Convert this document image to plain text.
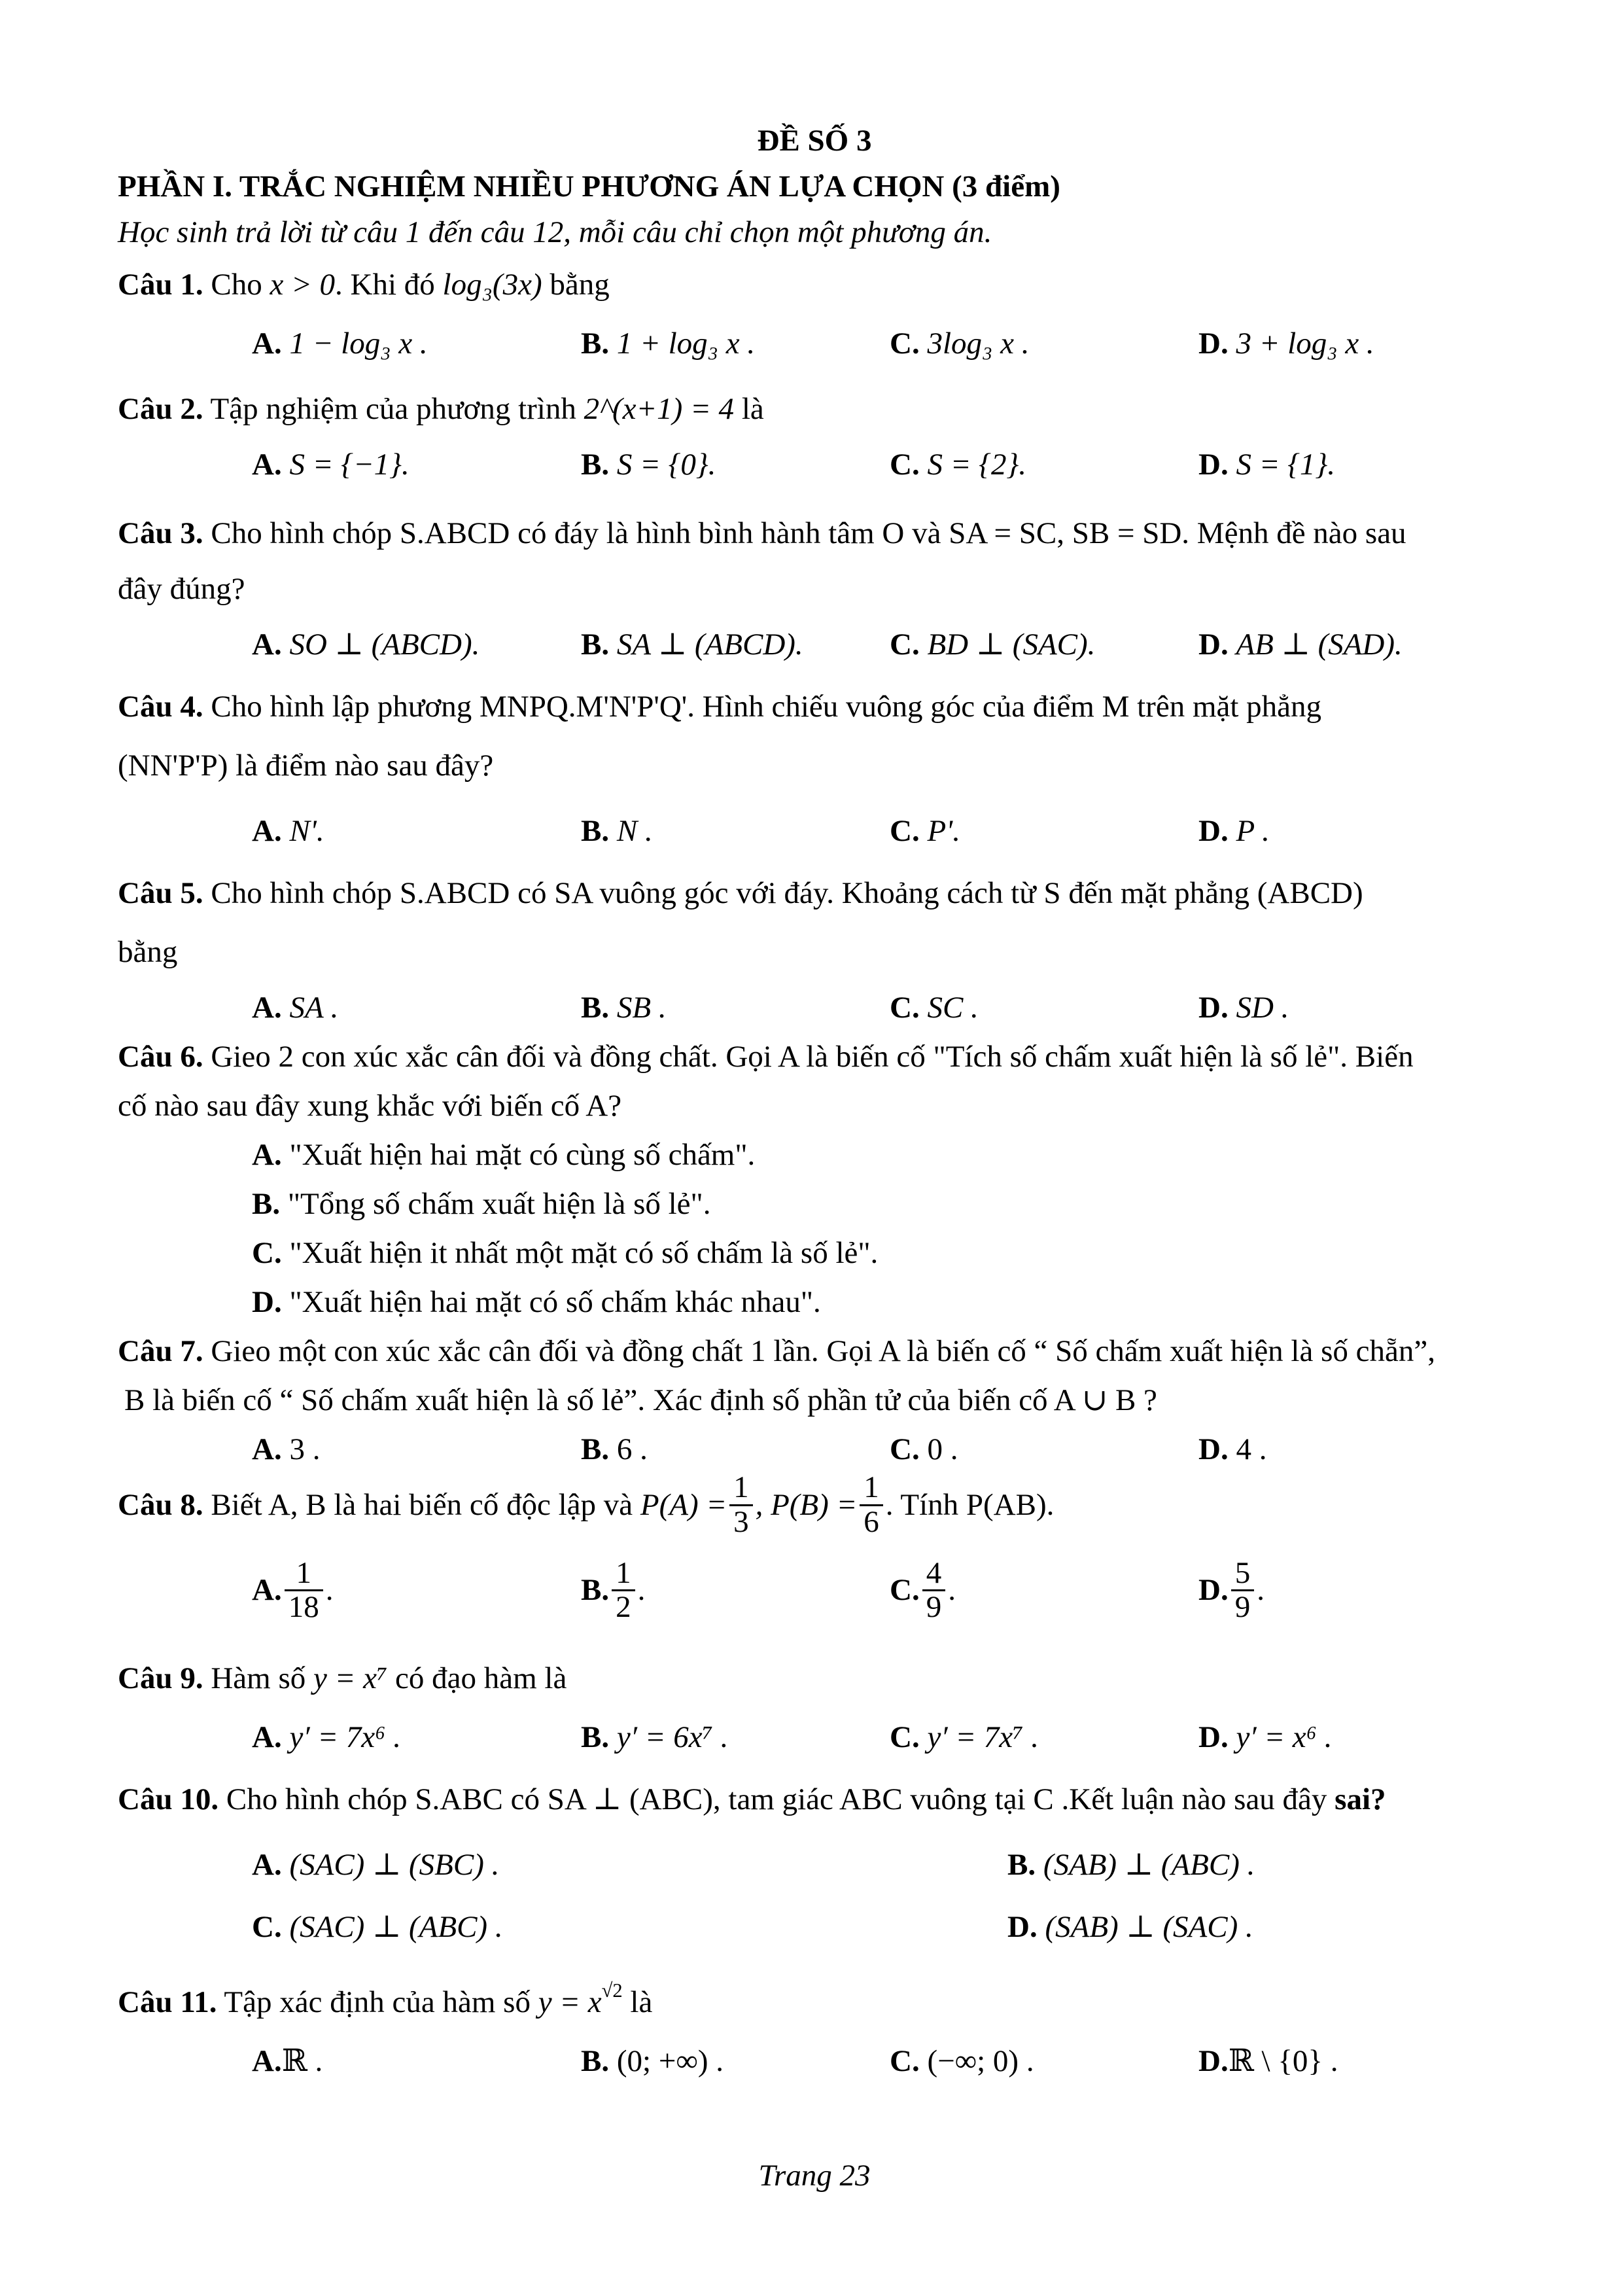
ĐỀ SỐ 3
PHẦN I. TRẮC NGHIỆM NHIỀU PHƯƠNG ÁN LỰA CHỌN (3 điểm)
Học sinh trả lời từ câu 1 đến câu 12, mỗi câu chỉ chọn một phương án.
Câu 1. Cho x > 0. Khi đó log₃(3x) bằng
A. 1 − log₃ x .	B. 1 + log₃ x .	C. 3log₃ x .	D. 3 + log₃ x .
Câu 2. Tập nghiệm của phương trình 2^(x+1) = 4 là
A. S = {−1}.	B. S = {0}.	C. S = {2}.	D. S = {1}.
Câu 3. Cho hình chóp S.ABCD có đáy là hình bình hành tâm O và SA = SC, SB = SD. Mệnh đề nào sau
đây đúng?
A. SO ⊥ (ABCD).	B. SA ⊥ (ABCD).	C. BD ⊥ (SAC).	D. AB ⊥ (SAD).
Câu 4. Cho hình lập phương MNPQ.M'N'P'Q'. Hình chiếu vuông góc của điểm M trên mặt phẳng
(NN'P'P) là điểm nào sau đây?
A. N'.	B. N .	C. P'.	D. P .
Câu 5. Cho hình chóp S.ABCD có SA vuông góc với đáy. Khoảng cách từ S đến mặt phẳng (ABCD)
bằng
A. SA .	B. SB .	C. SC .	D. SD .
Câu 6. Gieo 2 con xúc xắc cân đối và đồng chất. Gọi A là biến cố "Tích số chấm xuất hiện là số lẻ". Biến
cố nào sau đây xung khắc với biến cố A?
A. "Xuất hiện hai mặt có cùng số chấm".
B. "Tổng số chấm xuất hiện là số lẻ".
C. "Xuất hiện it nhất một mặt có số chấm là số lẻ".
D. "Xuất hiện hai mặt có số chấm khác nhau".
Câu 7. Gieo một con xúc xắc cân đối và đồng chất 1 lần. Gọi A là biến cố “ Số chấm xuất hiện là số chẵn”,
B là biến cố “ Số chấm xuất hiện là số lẻ”. Xác định số phần tử của biến cố A ∪ B ?
A. 3 .	B. 6 .	C. 0 .	D. 4 .
Câu 8.
Biết A, B là hai biến cố độc lập và
$P(A) = \frac{1}{3}$ , $P(B) = \frac{1}{6}$ . Tính P(AB).
A. $\frac{1}{18}$ .	B. $\frac{1}{2}$ .	C. $\frac{4}{9}$ .	D. $\frac{5}{9}$ .
Câu 9. Hàm số y = x⁷ có đạo hàm là
A. y′ = 7x⁶ .	B. y′ = 6x⁷ .	C. y′ = 7x⁷ .	D. y′ = x⁶ .
Câu 10. Cho hình chóp S.ABC có SA ⊥ (ABC), tam giác ABC vuông tại C .Kết luận nào sau đây sai?
A. (SAC) ⊥ (SBC) .	B. (SAB) ⊥ (ABC) .
C. (SAC) ⊥ (ABC) .	D. (SAB) ⊥ (SAC) .
Câu 11. Tập xác định của hàm số $y = x^{√2}$ là
A.ℝ .	B. (0; +∞) .	C. (−∞; 0) .	D.ℝ \ {0} .
Trang 23
